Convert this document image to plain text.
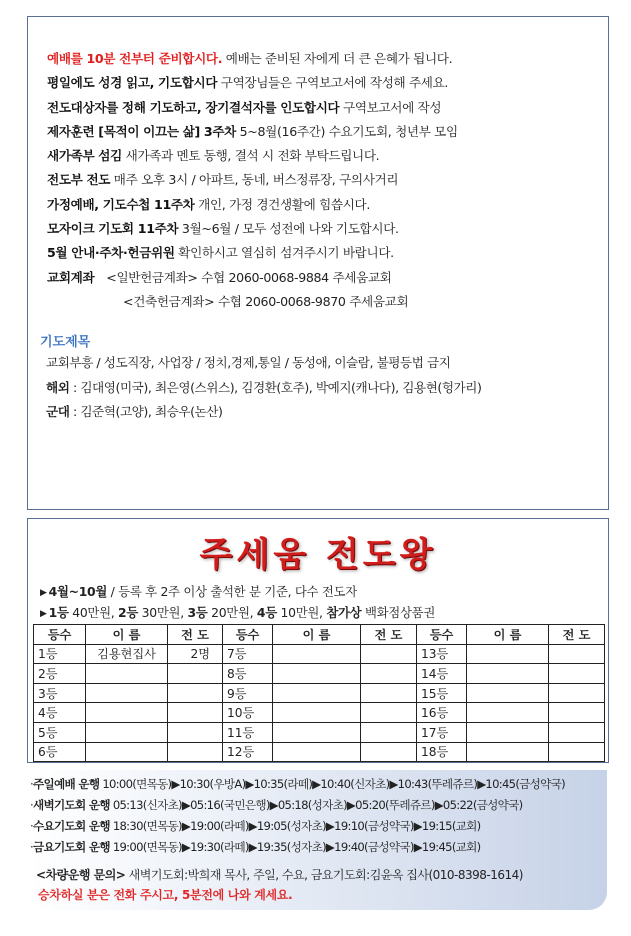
예배를 10분 전부터 준비합시다. 예배는 준비된 자에게 더 큰 은혜가 됩니다.
평일에도 성경 읽고, 기도합시다 구역장님들은 구역보고서에 작성해 주세요.
전도대상자를 정해 기도하고, 장기결석자를 인도합시다 구역보고서에 작성
제자훈련 [목적이 이끄는 삶] 3주차 5~8월(16주간) 수요기도회, 청년부 모임
새가족부 섬김 새가족과 멘토 동행, 결석 시 전화 부탁드립니다.
전도부 전도 매주 오후 3시 / 아파트, 동네, 버스정류장, 구의사거리
가정예배, 기도수첩 11주차 개인, 가정 경건생활에 힘씁시다.
모자이크 기도회 11주차 3월~6월 / 모두 성전에 나와 기도합시다.
5월 안내·주차·헌금위원 확인하시고 열심히 섬겨주시기 바랍니다.
교회계좌 <일반헌금계좌> 수협 2060-0068-9884 주세움교회
<건축헌금계좌> 수협 2060-0068-9870 주세움교회
기도제목
교회부흥 / 성도직장, 사업장 / 정치,경제,통일 / 동성애, 이슬람, 불평등법 금지
해외 : 김대영(미국), 최은영(스위스), 김경환(호주), 박예지(캐나다), 김용현(헝가리)
군대 : 김준혁(고양), 최승우(논산)
주세움 전도왕
▶ 4월~10월 / 등록 후 2주 이상 출석한 분 기준, 다수 전도자
▶ 1등 40만원, 2등 30만원, 3등 20만원, 4등 10만원, 참가상 백화점상품권
등수	이 름	전 도	등수	이 름	전 도	등수	이 름	전 도
1등	김용현집사	2명	7등			13등		
2등			8등			14등		
3등			9등			15등		
4등			10등			16등		
5등			11등			17등		
6등			12등			18등		
·주일예배 운행 10:00(면목동)▶10:30(우방A)▶10:35(라떼)▶10:40(신자초)▶10:43(뚜레쥬르)▶10:45(금성약국)
·새벽기도회 운행 05:13(신자초)▶05:16(국민은행)▶05:18(성자초)▶05:20(뚜레쥬르)▶05:22(금성약국)
·수요기도회 운행 18:30(면목동)▶19:00(라떼)▶19:05(성자초)▶19:10(금성약국)▶19:15(교회)
·금요기도회 운행 19:00(면목동)▶19:30(라떼)▶19:35(성자초)▶19:40(금성약국)▶19:45(교회)
<차량운행 문의> 새벽기도회:박희재 목사, 주일, 수요, 금요기도회:김윤옥 집사(010-8398-1614)
승차하실 분은 전화 주시고, 5분전에 나와 계세요.
